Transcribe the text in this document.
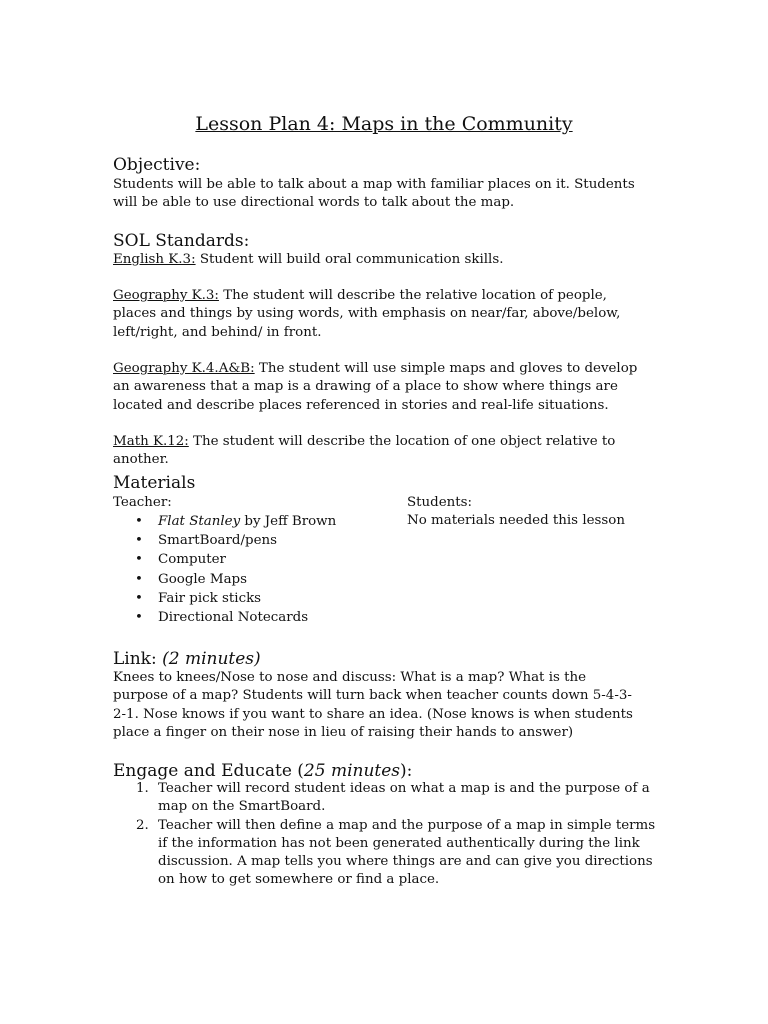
Lesson Plan 4: Maps in the Community
Objective:
Students will be able to talk about a map with familiar places on it. Students will be able to use directional words to talk about the map.
SOL Standards:
English K.3: Student will build oral communication skills.
Geography K.3: The student will describe the relative location of people, places and things by using words, with emphasis on near/far, above/below, left/right, and behind/ in front.
Geography K.4.A&B: The student will use simple maps and gloves to develop an awareness that a map is a drawing of a place to show where things are located and describe places referenced in stories and real-life situations.
Math K.12: The student will describe the location of one object relative to another.
Materials
Teacher:	Students:
No materials needed this lesson
• Flat Stanley by Jeff Brown
• SmartBoard/pens
• Computer
• Google Maps
• Fair pick sticks
• Directional Notecards
Link: (2 minutes)
Knees to knees/Nose to nose and discuss: What is a map? What is the purpose of a map? Students will turn back when teacher counts down 5-4-3-2-1. Nose knows if you want to share an idea. (Nose knows is when students place a finger on their nose in lieu of raising their hands to answer)
Engage and Educate (25 minutes):
1. Teacher will record student ideas on what a map is and the purpose of a map on the SmartBoard.
2. Teacher will then define a map and the purpose of a map in simple terms if the information has not been generated authentically during the link discussion. A map tells you where things are and can give you directions on how to get somewhere or find a place.
